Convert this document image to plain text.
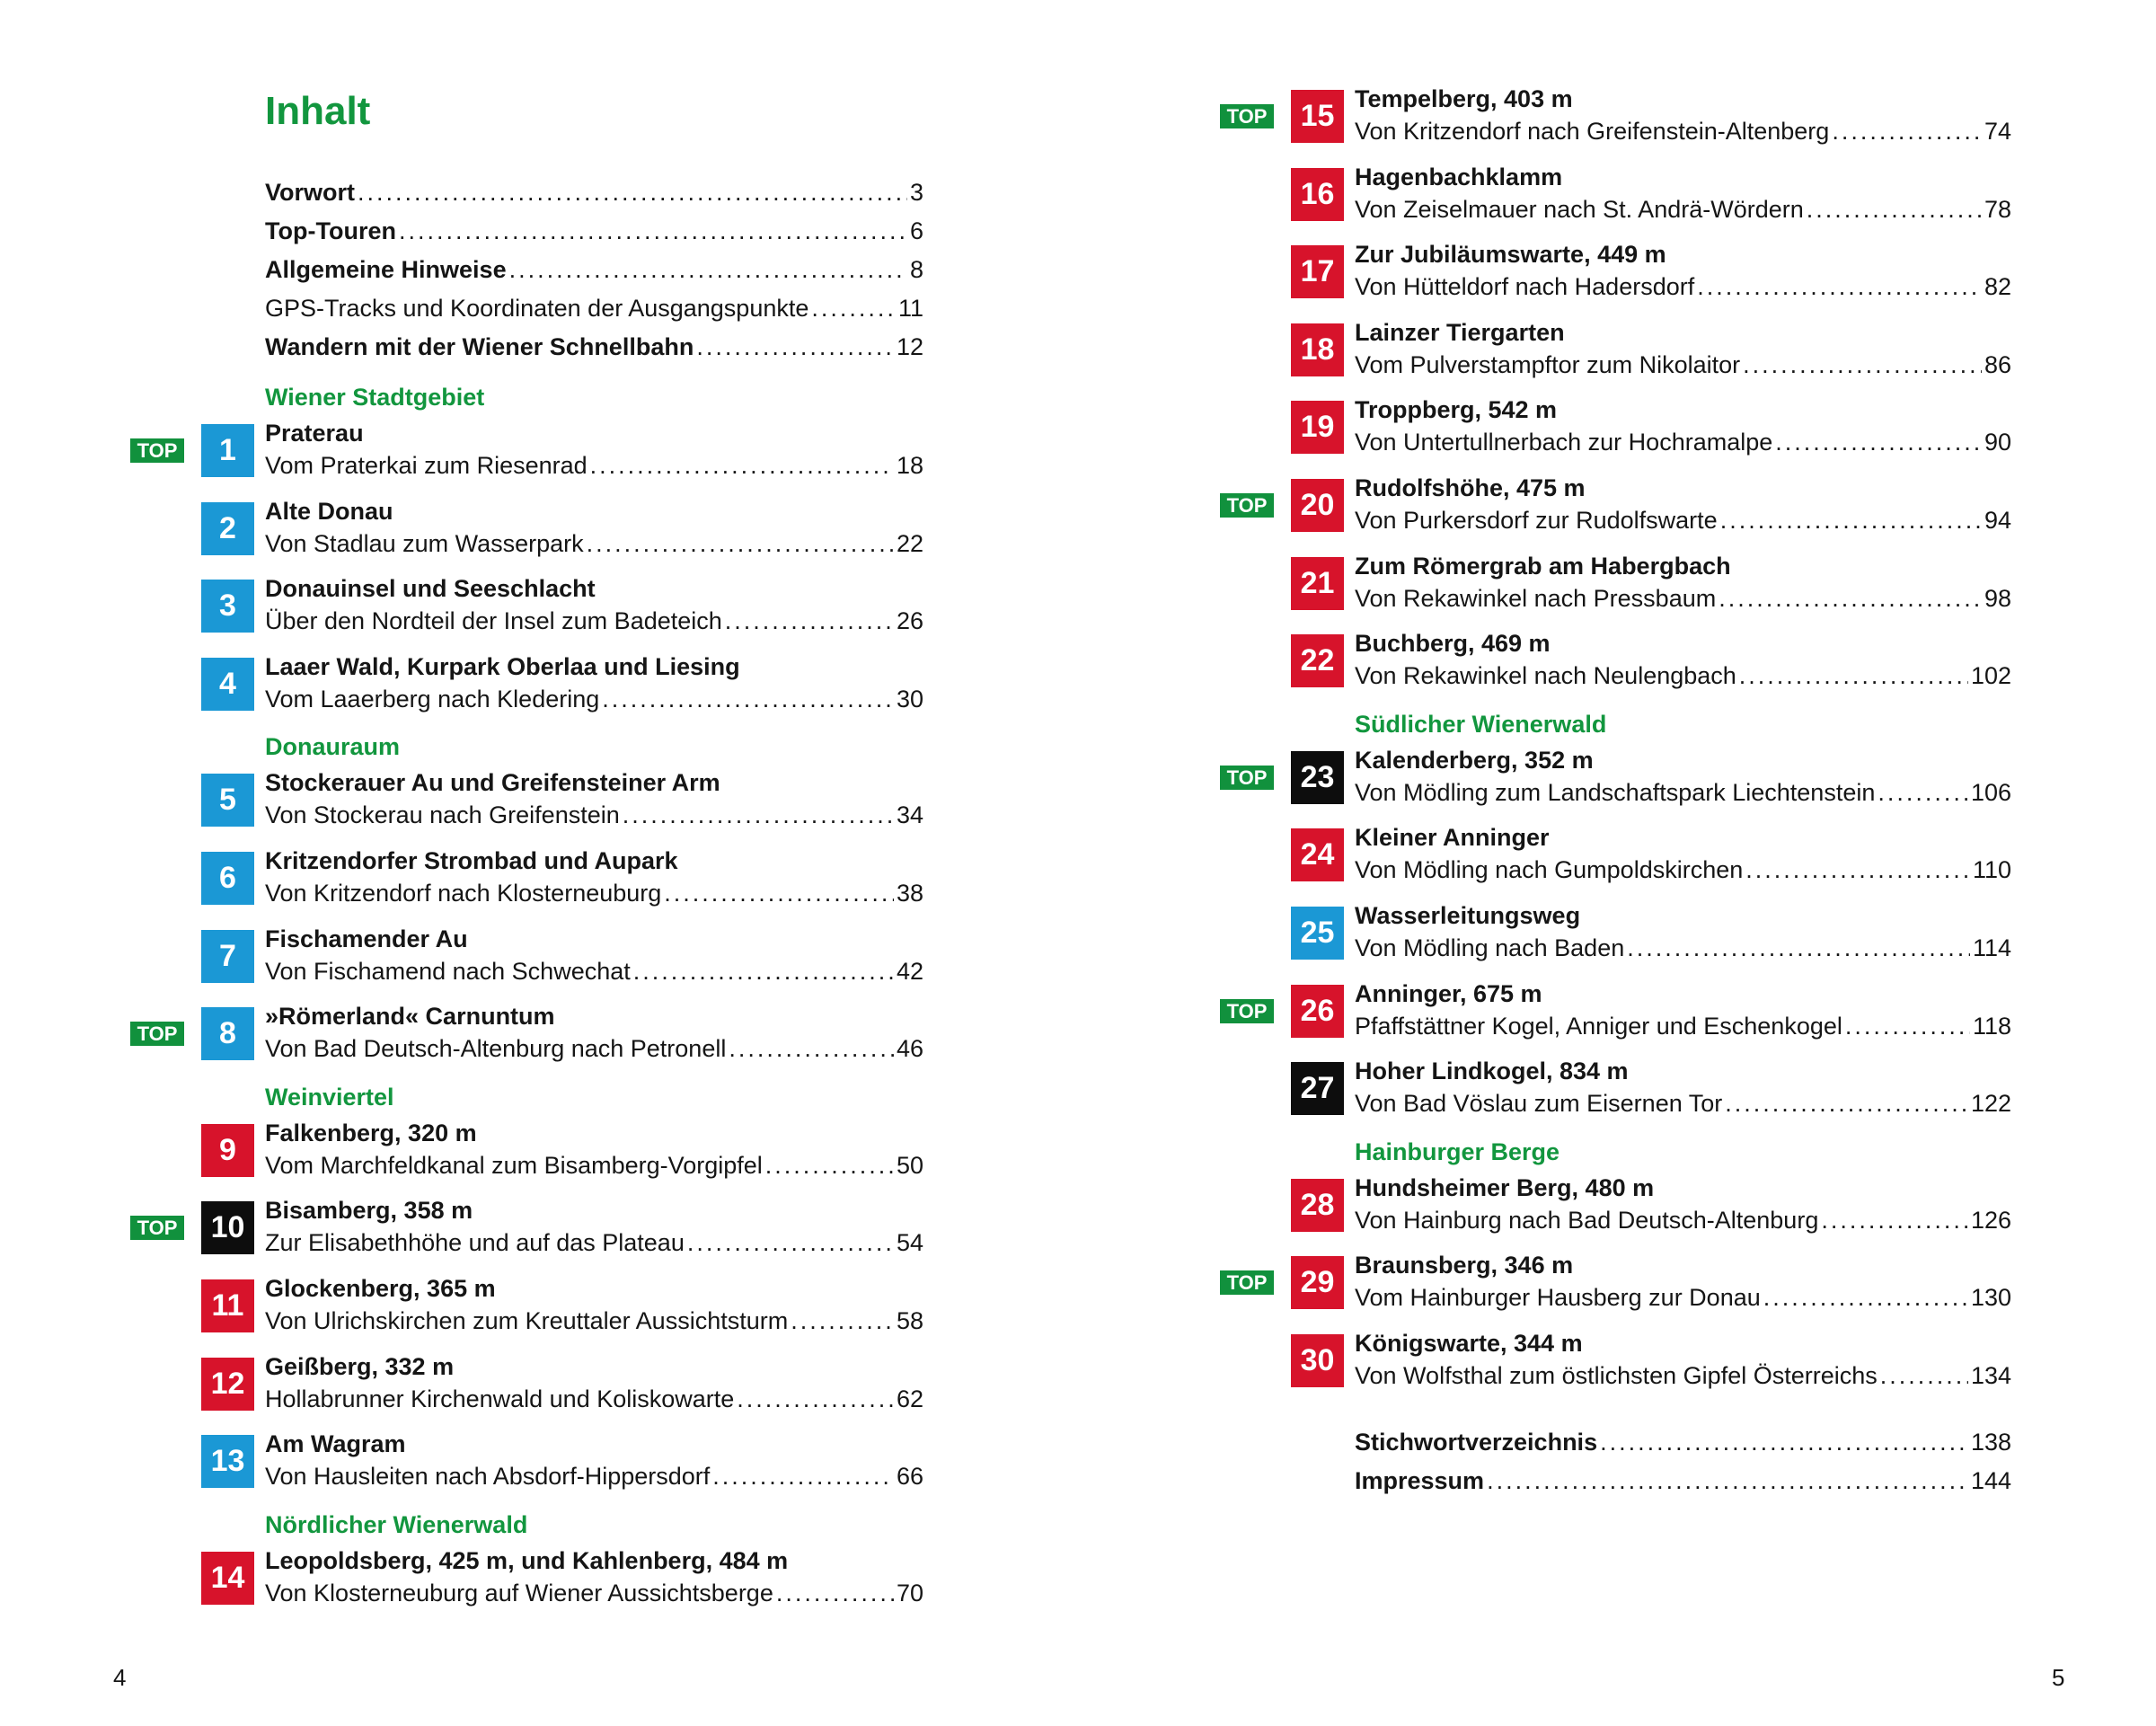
Inhalt
Vorwort .....	3
Top-Touren .....	6
Allgemeine Hinweise .....	8
GPS-Tracks und Koordinaten der Ausgangspunkte .....	11
Wandern mit der Wiener Schnellbahn .....	12
Wiener Stadtgebiet
TOP	1	Praterau
Vom Praterkai zum Riesenrad .....	18
2	Alte Donau
Von Stadlau zum Wasserpark .....	22
3	Donauinsel und Seeschlacht
Über den Nordteil der Insel zum Badeteich .....	26
4	Laaer Wald, Kurpark Oberlaa und Liesing
Vom Laaerberg nach Kledering .....	30
Donauraum
5	Stockerauer Au und Greifensteiner Arm
Von Stockerau nach Greifenstein .....	34
6	Kritzendorfer Strombad und Aupark
Von Kritzendorf nach Klosterneuburg .....	38
7	Fischamender Au
Von Fischamend nach Schwechat .....	42
TOP	8	»Römerland« Carnuntum
Von Bad Deutsch-Altenburg nach Petronell .....	46
Weinviertel
9	Falkenberg, 320 m
Vom Marchfeldkanal zum Bisamberg-Vorgipfel .....	50
TOP	10 Bisamberg, 358 m
Zur Elisabethhöhe und auf das Plateau .....	54
11 Glockenberg, 365 m
Von Ulrichskirchen zum Kreuttaler Aussichtsturm .....	58
12 Geißberg, 332 m
Hollabrunner Kirchenwald und Koliskowarte .....	62
13 Am Wagram
Von Hausleiten nach Absdorf-Hippersdorf .....	66
Nördlicher Wienerwald
14 Leopoldsberg, 425 m, und Kahlenberg, 484 m
Von Klosterneuburg auf Wiener Aussichtsberge .....	70
TOP	15 Tempelberg, 403 m
Von Kritzendorf nach Greifenstein-Altenberg .....	74
16 Hagenbachklamm
Von Zeiselmauer nach St. Andrä-Wördern .....	78
17 Zur Jubiläumswarte, 449 m
Von Hütteldorf nach Hadersdorf .....	82
18 Lainzer Tiergarten
Vom Pulverstampftor zum Nikolaitor .....	86
19 Troppberg, 542 m
Von Untertullnerbach zur Hochramalpe .....	90
TOP	20 Rudolfshöhe, 475 m
Von Purkersdorf zur Rudolfswarte .....	94
21 Zum Römergrab am Habergbach
Von Rekawinkel nach Pressbaum .....	98
22 Buchberg, 469 m
Von Rekawinkel nach Neulengbach .....	102
Südlicher Wienerwald
TOP	23 Kalenderberg, 352 m
Von Mödling zum Landschaftspark Liechtenstein .....	106
24 Kleiner Anninger
Von Mödling nach Gumpoldskirchen .....	110
25 Wasserleitungsweg
Von Mödling nach Baden .....	114
TOP	26 Anninger, 675 m
Pfaffstättner Kogel, Anniger und Eschenkogel .....	118
27 Hoher Lindkogel, 834 m
Von Bad Vöslau zum Eisernen Tor .....	122
Hainburger Berge
28 Hundsheimer Berg, 480 m
Von Hainburg nach Bad Deutsch-Altenburg .....	126
TOP	29 Braunsberg, 346 m
Vom Hainburger Hausberg zur Donau .....	130
30 Königswarte, 344 m
Von Wolfsthal zum östlichsten Gipfel Österreichs .....	134
Stichwortverzeichnis .....	138
Impressum .....	144
4	5
